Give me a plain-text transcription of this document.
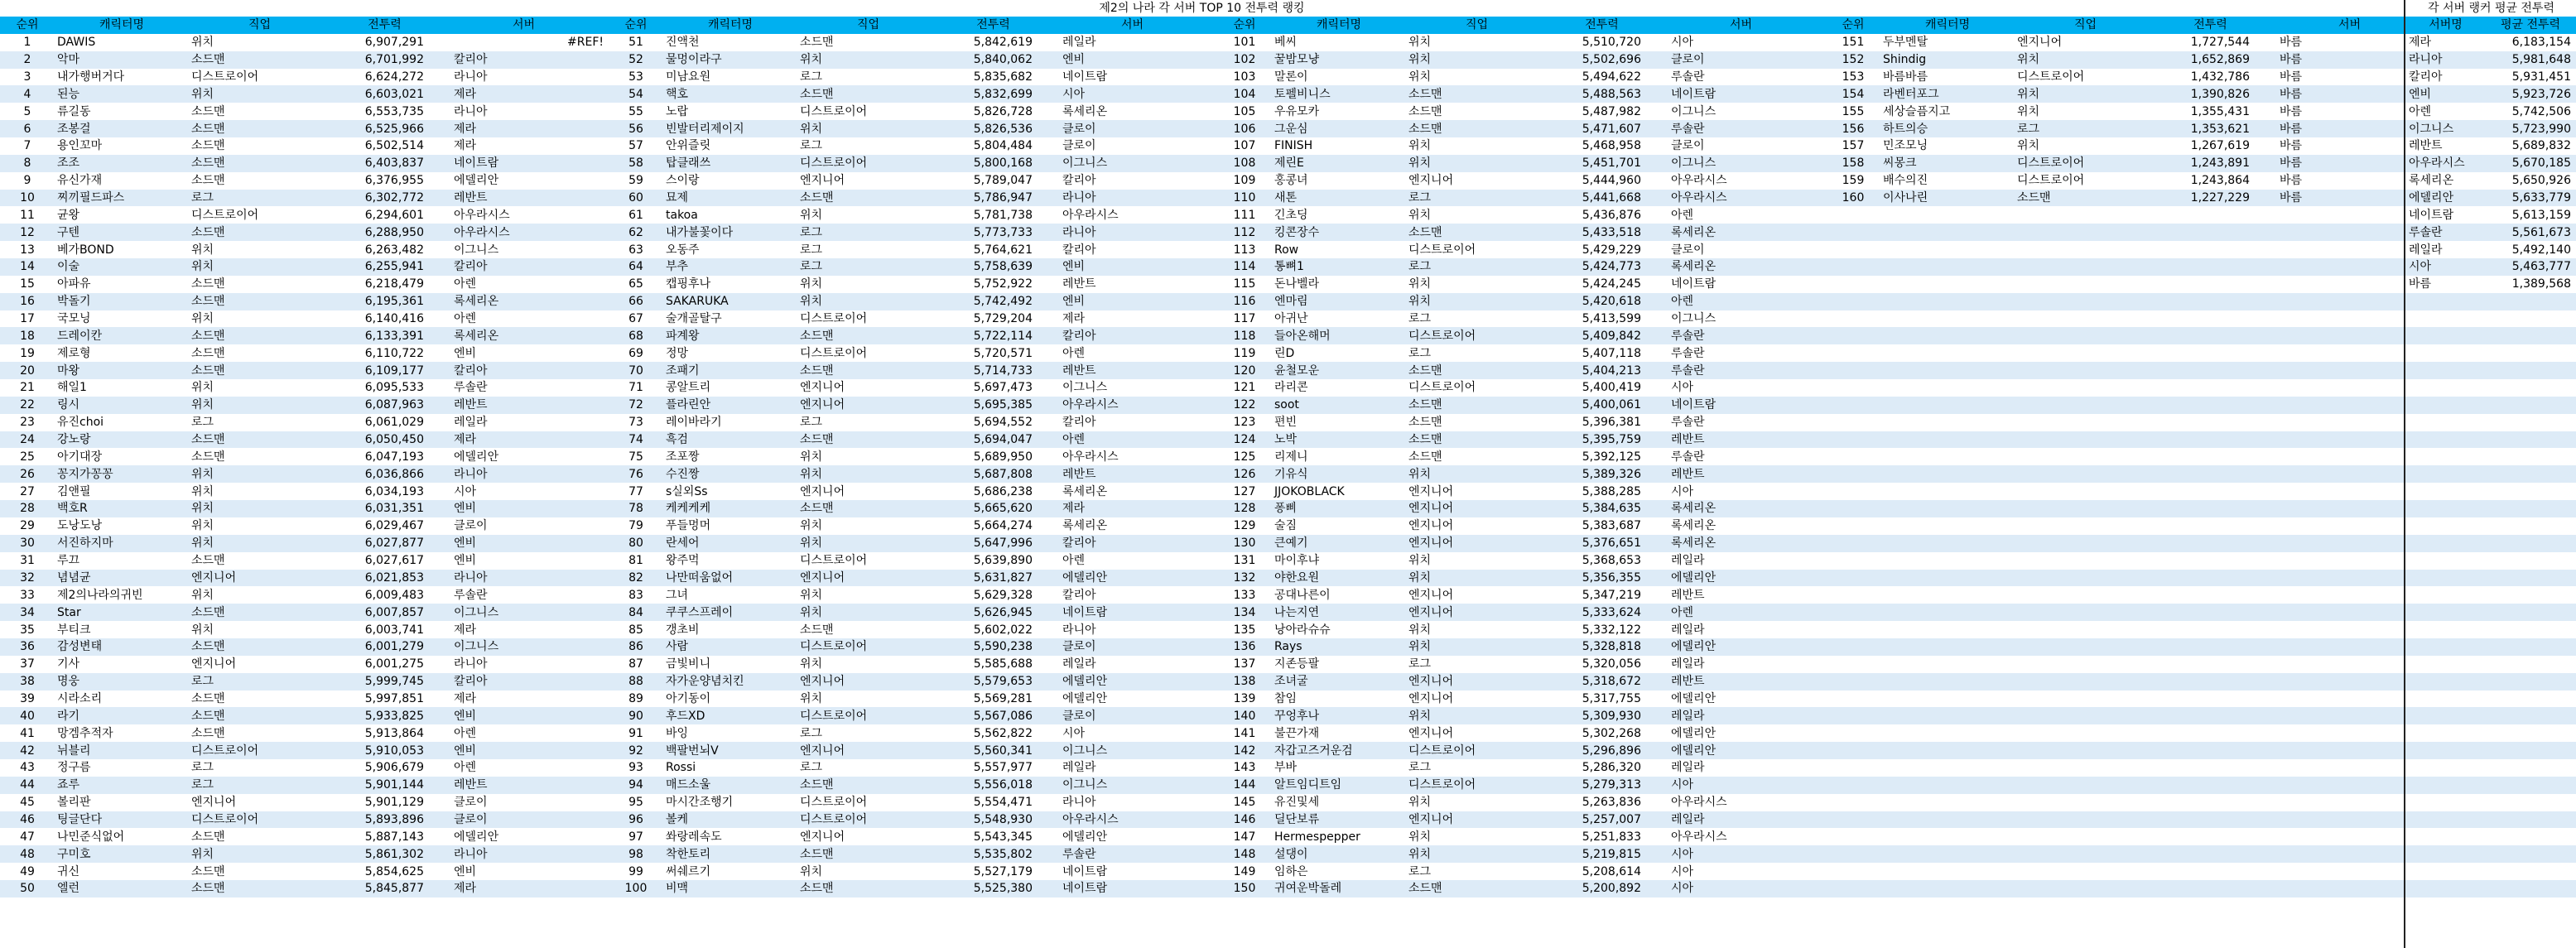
제2의 나라 각 서버 TOP 10 전투력 랭킹	각 서버 랭커 평균 전투력
순위	캐릭터명	직업	전투력	서버
1	DAWIS	위치	6,907,291	#REF!
2	악마	소드맨	6,701,992	칼리아
3	내가행버거다	디스트로이어	6,624,272	라니아
4	된능	위치	6,603,021	제라
5	류길동	소드맨	6,553,735	라니아
6	조봉걸	소드맨	6,525,966	제라
7	용인꼬마	소드맨	6,502,514	제라
8	조조	소드맨	6,403,837	네이트람
9	유신가재	소드맨	6,376,955	에델리안
10	찌끼필드파스	로그	6,302,772	레반트
11	균왕	디스트로이어	6,294,601	아우라시스
12	구텐	소드맨	6,288,950	아우라시스
13	베가BOND	위치	6,263,482	이그니스
14	이술	위치	6,255,941	칼리아
15	아파유	소드맨	6,218,479	아렌
16	박돌기	소드맨	6,195,361	록세리온
17	국모닝	위치	6,140,416	아렌
18	드레이칸	소드맨	6,133,391	록세리온
19	제로형	소드맨	6,110,722	엔비
20	마왕	소드맨	6,109,177	칼리아
21	해일1	위치	6,095,533	루솔란
22	링시	위치	6,087,963	레반트
23	유진choi	로그	6,061,029	레일라
24	강노랑	소드맨	6,050,450	제라
25	아기대장	소드맨	6,047,193	에델리안
26	꽁지가꽁꽁	위치	6,036,866	라니아
27	김앤필	위치	6,034,193	시아
28	백호R	위치	6,031,351	엔비
29	도낭도낭	위치	6,029,467	클로이
30	서진하지마	위치	6,027,877	엔비
31	루끄	소드맨	6,027,617	엔비
32	념념균	엔지니어	6,021,853	라니아
33	제2의나라의귀빈	위치	6,009,483	루솔란
34	Star	소드맨	6,007,857	이그니스
35	부티크	위치	6,003,741	제라
36	감성변태	소드맨	6,001,279	이그니스
37	기사	엔지니어	6,001,275	라니아
38	명웅	로그	5,999,745	칼리아
39	시라소리	소드맨	5,997,851	제라
40	라기	소드맨	5,933,825	엔비
41	망겜추적자	소드맨	5,913,864	아렌
42	뉘블리	디스트로이어	5,910,053	엔비
43	정구름	로그	5,906,679	아렌
44	죠루	로그	5,901,144	레반트
45	볼리판	엔지니어	5,901,129	클로이
46	팅글단다	디스트로이어	5,893,896	클로이
47	나민준식없어	소드맨	5,887,143	에델리안
48	구미호	위치	5,861,302	라니아
49	귀신	소드맨	5,854,625	엔비
50	엘런	소드맨	5,845,877	제라
순위	캐릭터명	직업	전투력	서버
51	진액천	소드맨	5,842,619	레일라
52	물멍이라구	위치	5,840,062	엔비
53	미남요원	로그	5,835,682	네이트람
54	핵호	소드맨	5,832,699	시아
55	노랍	디스트로이어	5,826,728	록세리온
56	빈발터리제이지	위치	5,826,536	클로이
57	안위즐릿	로그	5,804,484	클로이
58	탑클래쓰	디스트로이어	5,800,168	이그니스
59	스이랑	엔지니어	5,789,047	칼리아
60	묘제	소드맨	5,786,947	라니아
61	takoa	위치	5,781,738	아우라시스
62	내가불꽃이다	로그	5,773,733	라니아
63	오동주	로그	5,764,621	칼리아
64	부추	로그	5,758,639	엔비
65	캡핑후나	위치	5,752,922	레반트
66	SAKARUKA	위치	5,742,492	엔비
67	술개골탈구	디스트로이어	5,729,204	제라
68	파계왕	소드맨	5,722,114	칼리아
69	정망	디스트로이어	5,720,571	아렌
70	조패기	소드맨	5,714,733	레반트
71	콩알트리	엔지니어	5,697,473	이그니스
72	플라린안	엔지니어	5,695,385	아우라시스
73	레이바라기	로그	5,694,552	칼리아
74	흑검	소드맨	5,694,047	아렌
75	조포짱	위치	5,689,950	아우라시스
76	수진짱	위치	5,687,808	레반트
77	s실외Ss	엔지니어	5,686,238	록세리온
78	케케케케	소드맨	5,665,620	제라
79	푸들멍머	위치	5,664,274	록세리온
80	란세어	위치	5,647,996	칼리아
81	왕주먹	디스트로이어	5,639,890	아렌
82	나만떠움없어	엔지니어	5,631,827	에델리안
83	그녀	위치	5,629,328	칼리아
84	쿠쿠스프레이	위치	5,626,945	네이트람
85	갱초비	소드맨	5,602,022	라니아
86	사람	디스트로이어	5,590,238	클로이
87	금빛비니	위치	5,585,688	레일라
88	자가운양념치킨	엔지니어	5,579,653	에델리안
89	아기동이	위치	5,569,281	에델리안
90	후드XD	디스트로이어	5,567,086	클로이
91	바잉	로그	5,562,822	시아
92	백팔번뇌V	엔지니어	5,560,341	이그니스
93	Rossi	로그	5,557,977	레일라
94	매드소울	소드맨	5,556,018	이그니스
95	마시간조행기	디스트로이어	5,554,471	라니아
96	볼케	디스트로이어	5,548,930	아우라시스
97	쏴랑레속도	엔지니어	5,543,345	에델리안
98	착한토리	소드맨	5,535,802	루솔란
99	써쉐르기	위치	5,527,179	네이트람
100	비맥	소드맨	5,525,380	네이트람
순위	캐릭터명	직업	전투력	서버
101	베씨	위치	5,510,720	시아
102	꿀밤모냥	위치	5,502,696	클로이
103	말론이	위치	5,494,622	루솔란
104	토펠비니스	소드맨	5,488,563	네이트람
105	우유모카	소드맨	5,487,982	이그니스
106	그운심	소드맨	5,471,607	루솔란
107	FINISH	위치	5,468,958	클로이
108	제린E	위치	5,451,701	이그니스
109	홍콩녀	엔지니어	5,444,960	아우라시스
110	새톤	로그	5,441,668	아우라시스
111	긴초딩	위치	5,436,876	아렌
112	킹콘장수	소드맨	5,433,518	록세리온
113	Row	디스트로이어	5,429,229	클로이
114	통뼈1	로그	5,424,773	록세리온
115	돈나벨라	위치	5,424,245	네이트람
116	엔마림	위치	5,420,618	아렌
117	아귀난	로그	5,413,599	이그니스
118	들아온해머	디스트로이어	5,409,842	루솔란
119	린D	로그	5,407,118	루솔란
120	윤철모운	소드맨	5,404,213	루솔란
121	라리콘	디스트로이어	5,400,419	시아
122	soot	소드맨	5,400,061	네이트람
123	편빈	소드맨	5,396,381	루솔란
124	노박	소드맨	5,395,759	레반트
125	리제니	소드맨	5,392,125	루솔란
126	기유식	위치	5,389,326	레반트
127	JJOKOBLACK	엔지니어	5,388,285	시아
128	퐁삐	엔지니어	5,384,635	록세리온
129	술짐	엔지니어	5,383,687	록세리온
130	큰예기	엔지니어	5,376,651	록세리온
131	마이후냐	위치	5,368,653	레일라
132	야한요원	위치	5,356,355	에델리안
133	공대나른이	엔지니어	5,347,219	레반트
134	나는지연	엔지니어	5,333,624	아렌
135	낭아라슈슈	위치	5,332,122	레일라
136	Rays	위치	5,328,818	에델리안
137	지존등팔	로그	5,320,056	레일라
138	조녀굴	엔지니어	5,318,672	레반트
139	참임	엔지니어	5,317,755	에델리안
140	꾸엉후나	위치	5,309,930	레일라
141	불끈가재	엔지니어	5,302,268	에델리안
142	자갑고즈거운검	디스트로이어	5,296,896	에델리안
143	부바	로그	5,286,320	레일라
144	알트임디트임	디스트로이어	5,279,313	시아
145	유진및세	위치	5,263,836	아우라시스
146	딜단보류	엔지니어	5,257,007	레일라
147	Hermespepper	위치	5,251,833	아우라시스
148	설댕이	위치	5,219,815	시아
149	임하은	로그	5,208,614	시아
150	귀여운박돌레	소드맨	5,200,892	시아
순위	캐릭터명	직업	전투력	서버
151	두부멘탈	엔지니어	1,727,544	바름
152	Shindig	위치	1,652,869	바름
153	바름바름	디스트로이어	1,432,786	바름
154	라벤터포그	위치	1,390,826	바름
155	세상슬픔지고	위치	1,355,431	바름
156	하트의승	로그	1,353,621	바름
157	민조모닝	위치	1,267,619	바름
158	씨몽크	디스트로이어	1,243,891	바름
159	배수의진	디스트로이어	1,243,864	바름
160	이사나린	소드맨	1,227,229	바름

서버명	평균 전투력
제라	6,183,154
라니아	5,981,648
칼리아	5,931,451
엔비	5,923,726
아렌	5,742,506
이그니스	5,723,990
레반트	5,689,832
아우라시스	5,670,185
록세리온	5,650,926
에델리안	5,633,779
네이트람	5,613,159
루솔란	5,561,673
레일라	5,492,140
시아	5,463,777
바름	1,389,568
